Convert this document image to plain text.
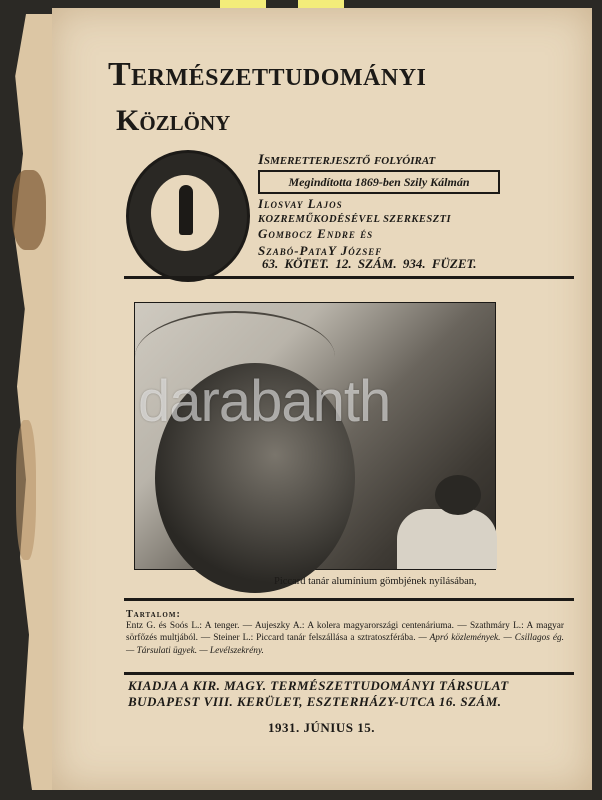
Természettudományi
Közlöny
Ismeretterjesztő folyóirat
Megindította 1869-ben Szily Kálmán
Ilosvay Lajos
KOZREMŰKODÉSÉVEL SZERKESZTI
Gombocz Endre és
Szabó-PataY József
63. KÖTET. 12. SZÁM. 934. FÜZET.
Piccard tanár alumínium gömbjének nyílásában,
Tartalom:
Entz G. és Soós L.: A tenger. — Aujeszky A.: A kolera magyarországi centenáriuma. — Szathmáry L.: A magyar sörfőzés multjából. — Steiner L.: Piccard tanár felszállása a sztratoszférába. — Apró közlemények. — Csillagos ég. — Társulati ügyek. — Levélszekrény.
KIADJA A KIR. MAGY. TERMÉSZETTUDOMÁNYI TÁRSULAT
BUDAPEST VIII. KERÜLET, ESZTERHÁZY-UTCA 16. SZÁM.
1931. JÚNIUS 15.
darabanth
